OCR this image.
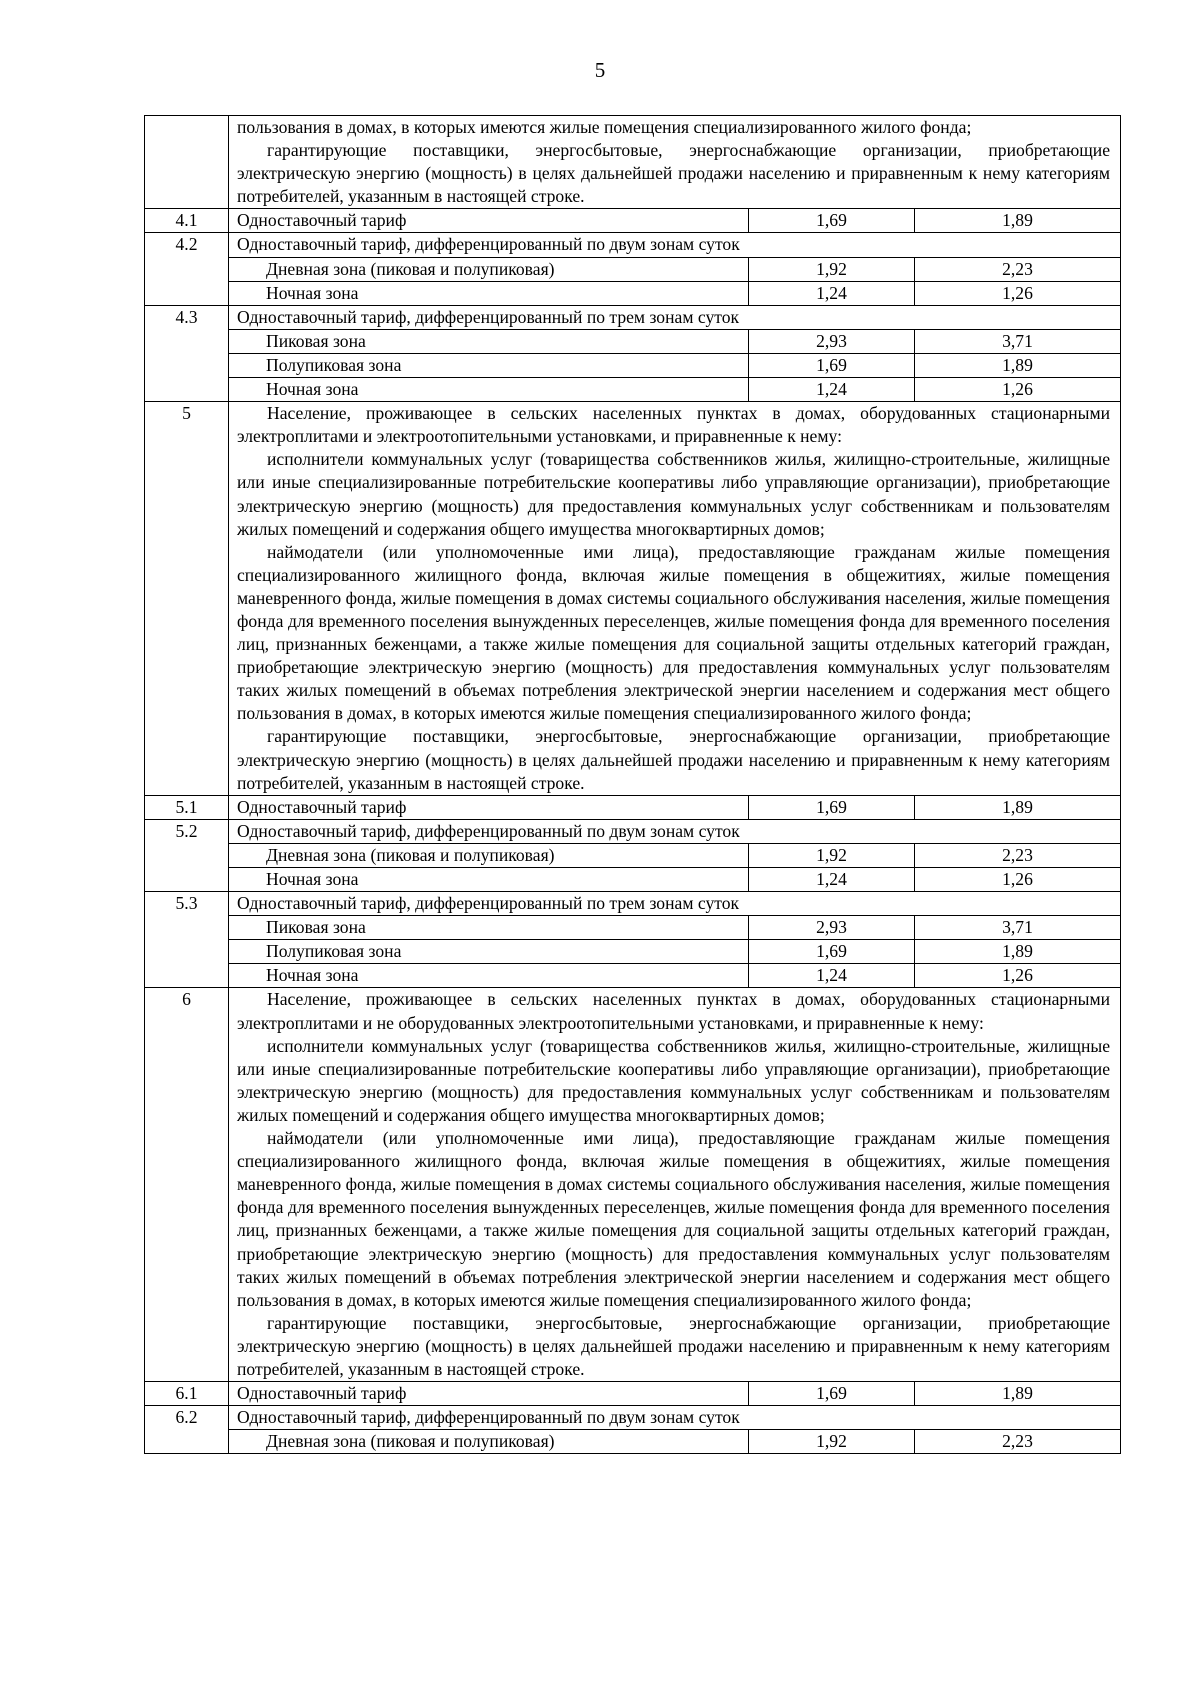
5

	пользования в домах, в которых имеются жилые помещения специализированного жилого фонда;
гарантирующие поставщики, энергосбытовые, энергоснабжающие организации, приобретающие электрическую энергию (мощность) в целях дальнейшей продажи населению и приравненным к нему категориям потребителей, указанным в настоящей строке.		

4.1	Одноставочный тариф	1,69	1,89
4.2	Одноставочный тариф, дифференцированный по двум зонам суток		
	Дневная зона (пиковая и полупиковая)	1,92	2,23
	Ночная зона	1,24	1,26
4.3	Одноставочный тариф, дифференцированный по трем зонам суток		
	Пиковая зона	2,93	3,71
	Полупиковая зона	1,69	1,89
	Ночная зона	1,24	1,26
5	Население, проживающее в сельских населенных пунктах в домах, оборудованных стационарными электроплитами и электроотопительными установками, и приравненные к нему:
исполнители коммунальных услуг (товарищества собственников жилья, жилищно-строительные, жилищные или иные специализированные потребительские кооперативы либо управляющие организации), приобретающие электрическую энергию (мощность) для предоставления коммунальных услуг собственникам и пользователям жилых помещений и содержания общего имущества многоквартирных домов;
наймодатели (или уполномоченные ими лица), предоставляющие гражданам жилые помещения специализированного жилищного фонда, включая жилые помещения в общежитиях, жилые помещения маневренного фонда, жилые помещения в домах системы социального обслуживания населения, жилые помещения фонда для временного поселения вынужденных переселенцев, жилые помещения фонда для временного поселения лиц, признанных беженцами, а также жилые помещения для социальной защиты отдельных категорий граждан, приобретающие электрическую энергию (мощность) для предоставления коммунальных услуг пользователям таких жилых помещений в объемах потребления электрической энергии населением и содержания мест общего пользования в домах, в которых имеются жилые помещения специализированного жилого фонда;
гарантирующие поставщики, энергосбытовые, энергоснабжающие организации, приобретающие электрическую энергию (мощность) в целях дальнейшей продажи населению и приравненным к нему категориям потребителей, указанным в настоящей строке.		

5.1	Одноставочный тариф	1,69	1,89
5.2	Одноставочный тариф, дифференцированный по двум зонам суток		
	Дневная зона (пиковая и полупиковая)	1,92	2,23
	Ночная зона	1,24	1,26
5.3	Одноставочный тариф, дифференцированный по трем зонам суток		
	Пиковая зона	2,93	3,71
	Полупиковая зона	1,69	1,89
	Ночная зона	1,24	1,26
6	Население, проживающее в сельских населенных пунктах в домах, оборудованных стационарными электроплитами и не оборудованных электроотопительными установками, и приравненные к нему:
исполнители коммунальных услуг (товарищества собственников жилья, жилищно-строительные, жилищные или иные специализированные потребительские кооперативы либо управляющие организации), приобретающие электрическую энергию (мощность) для предоставления коммунальных услуг собственникам и пользователям жилых помещений и содержания общего имущества многоквартирных домов;
наймодатели (или уполномоченные ими лица), предоставляющие гражданам жилые помещения специализированного жилищного фонда, включая жилые помещения в общежитиях, жилые помещения маневренного фонда, жилые помещения в домах системы социального обслуживания населения, жилые помещения фонда для временного поселения вынужденных переселенцев, жилые помещения фонда для временного поселения лиц, признанных беженцами, а также жилые помещения для социальной защиты отдельных категорий граждан, приобретающие электрическую энергию (мощность) для предоставления коммунальных услуг пользователям таких жилых помещений в объемах потребления электрической энергии населением и содержания мест общего пользования в домах, в которых имеются жилые помещения специализированного жилого фонда;
гарантирующие поставщики, энергосбытовые, энергоснабжающие организации, приобретающие электрическую энергию (мощность) в целях дальнейшей продажи населению и приравненным к нему категориям потребителей, указанным в настоящей строке.		

6.1	Одноставочный тариф	1,69	1,89
6.2	Одноставочный тариф, дифференцированный по двум зонам суток		
	Дневная зона (пиковая и полупиковая)	1,92	2,23
